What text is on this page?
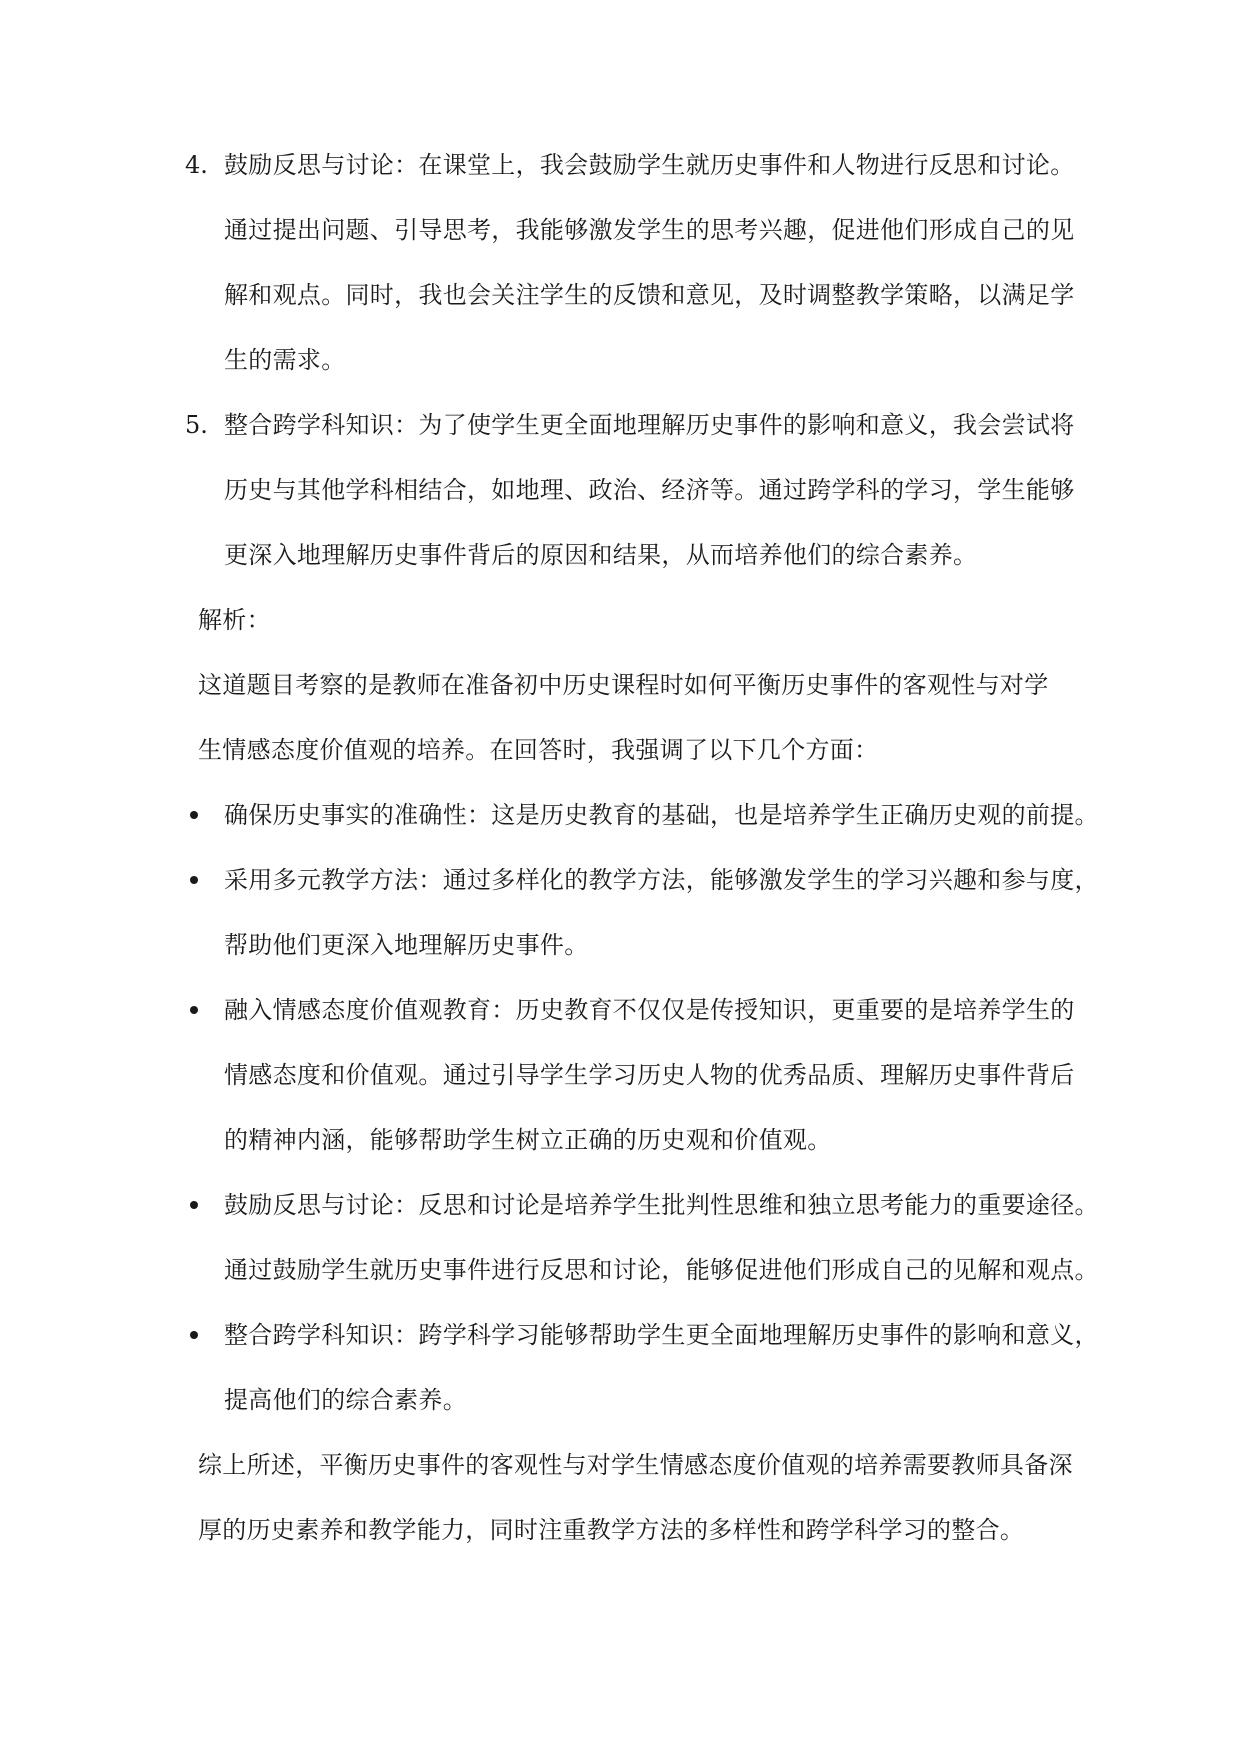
4. 鼓励反思与讨论：在课堂上，我会鼓励学生就历史事件和人物进行反思和讨论。
通过提出问题、引导思考，我能够激发学生的思考兴趣，促进他们形成自己的见
解和观点。同时，我也会关注学生的反馈和意见，及时调整教学策略，以满足学
生的需求。
5. 整合跨学科知识：为了使学生更全面地理解历史事件的影响和意义，我会尝试将
历史与其他学科相结合，如地理、政治、经济等。通过跨学科的学习，学生能够
更深入地理解历史事件背后的原因和结果，从而培养他们的综合素养。
解析：
这道题目考察的是教师在准备初中历史课程时如何平衡历史事件的客观性与对学
生情感态度价值观的培养。在回答时，我强调了以下几个方面：
确保历史事实的准确性：这是历史教育的基础，也是培养学生正确历史观的前提。
采用多元教学方法：通过多样化的教学方法，能够激发学生的学习兴趣和参与度，
帮助他们更深入地理解历史事件。
融入情感态度价值观教育：历史教育不仅仅是传授知识，更重要的是培养学生的
情感态度和价值观。通过引导学生学习历史人物的优秀品质、理解历史事件背后
的精神内涵，能够帮助学生树立正确的历史观和价值观。
鼓励反思与讨论：反思和讨论是培养学生批判性思维和独立思考能力的重要途径。
通过鼓励学生就历史事件进行反思和讨论，能够促进他们形成自己的见解和观点。
整合跨学科知识：跨学科学习能够帮助学生更全面地理解历史事件的影响和意义，
提高他们的综合素养。
综上所述，平衡历史事件的客观性与对学生情感态度价值观的培养需要教师具备深
厚的历史素养和教学能力，同时注重教学方法的多样性和跨学科学习的整合。
